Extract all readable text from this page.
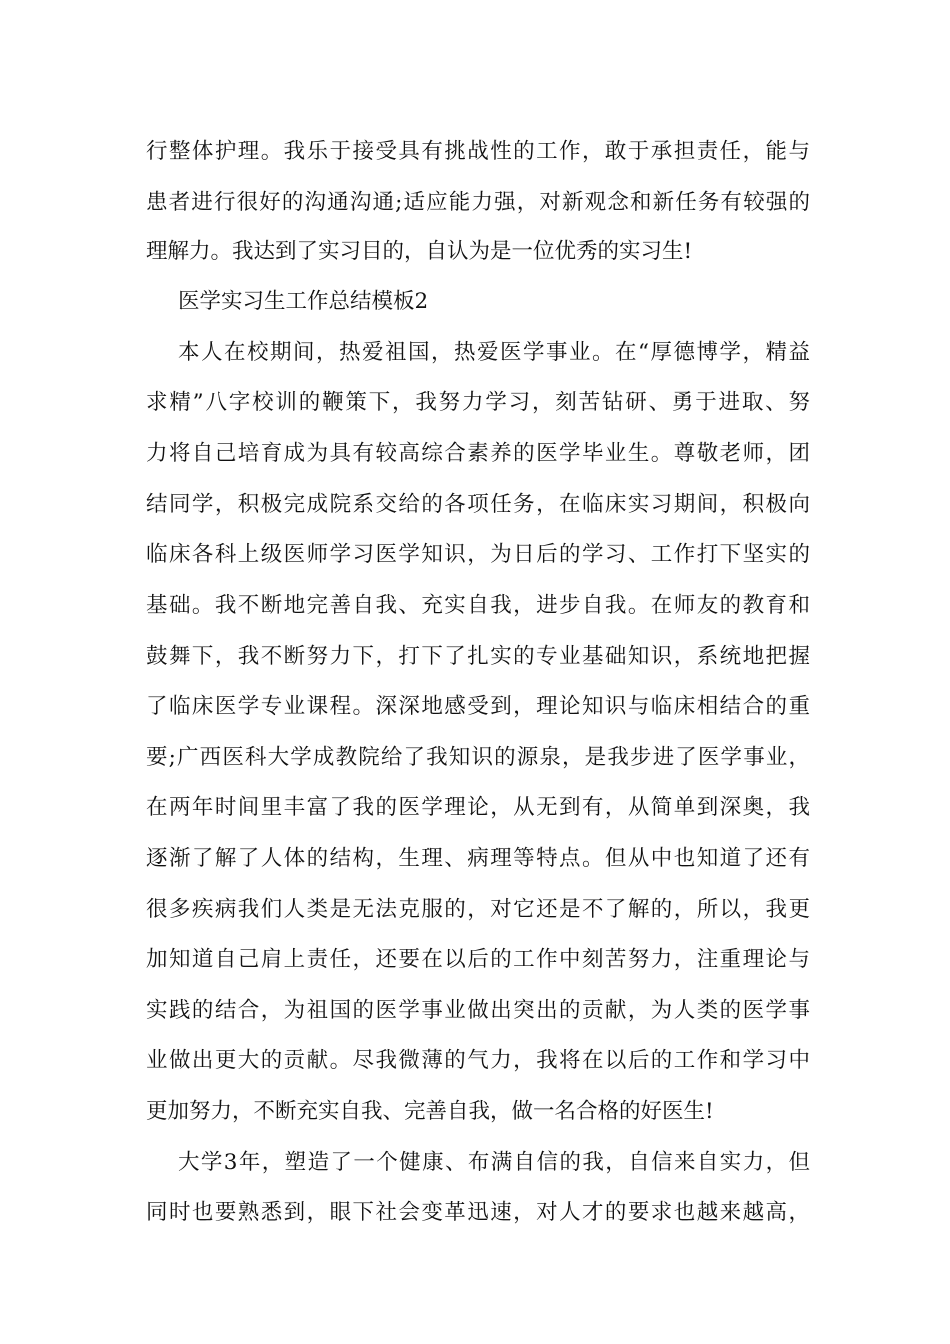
行整体护理。我乐于接受具有挑战性的工作，敢于承担责任，能与
患者进行很好的沟通沟通;适应能力强，对新观念和新任务有较强的
理解力。我达到了实习目的，自认为是一位优秀的实习生!
医学实习生工作总结模板2
本人在校期间，热爱祖国，热爱医学事业。在“厚德博学，精益
求精”八字校训的鞭策下，我努力学习，刻苦钻研、勇于进取、努
力将自己培育成为具有较高综合素养的医学毕业生。尊敬老师，团
结同学，积极完成院系交给的各项任务，在临床实习期间，积极向
临床各科上级医师学习医学知识，为日后的学习、工作打下坚实的
基础。我不断地完善自我、充实自我，进步自我。在师友的教育和
鼓舞下，我不断努力下，打下了扎实的专业基础知识，系统地把握
了临床医学专业课程。深深地感受到，理论知识与临床相结合的重
要;广西医科大学成教院给了我知识的源泉，是我步进了医学事业，
在两年时间里丰富了我的医学理论，从无到有，从简单到深奥，我
逐渐了解了人体的结构，生理、病理等特点。但从中也知道了还有
很多疾病我们人类是无法克服的，对它还是不了解的，所以，我更
加知道自己肩上责任，还要在以后的工作中刻苦努力，注重理论与
实践的结合，为祖国的医学事业做出突出的贡献，为人类的医学事
业做出更大的贡献。尽我微薄的气力，我将在以后的工作和学习中
更加努力，不断充实自我、完善自我，做一名合格的好医生!
大学3年，塑造了一个健康、布满自信的我，自信来自实力，但
同时也要熟悉到，眼下社会变革迅速，对人才的要求也越来越高，
